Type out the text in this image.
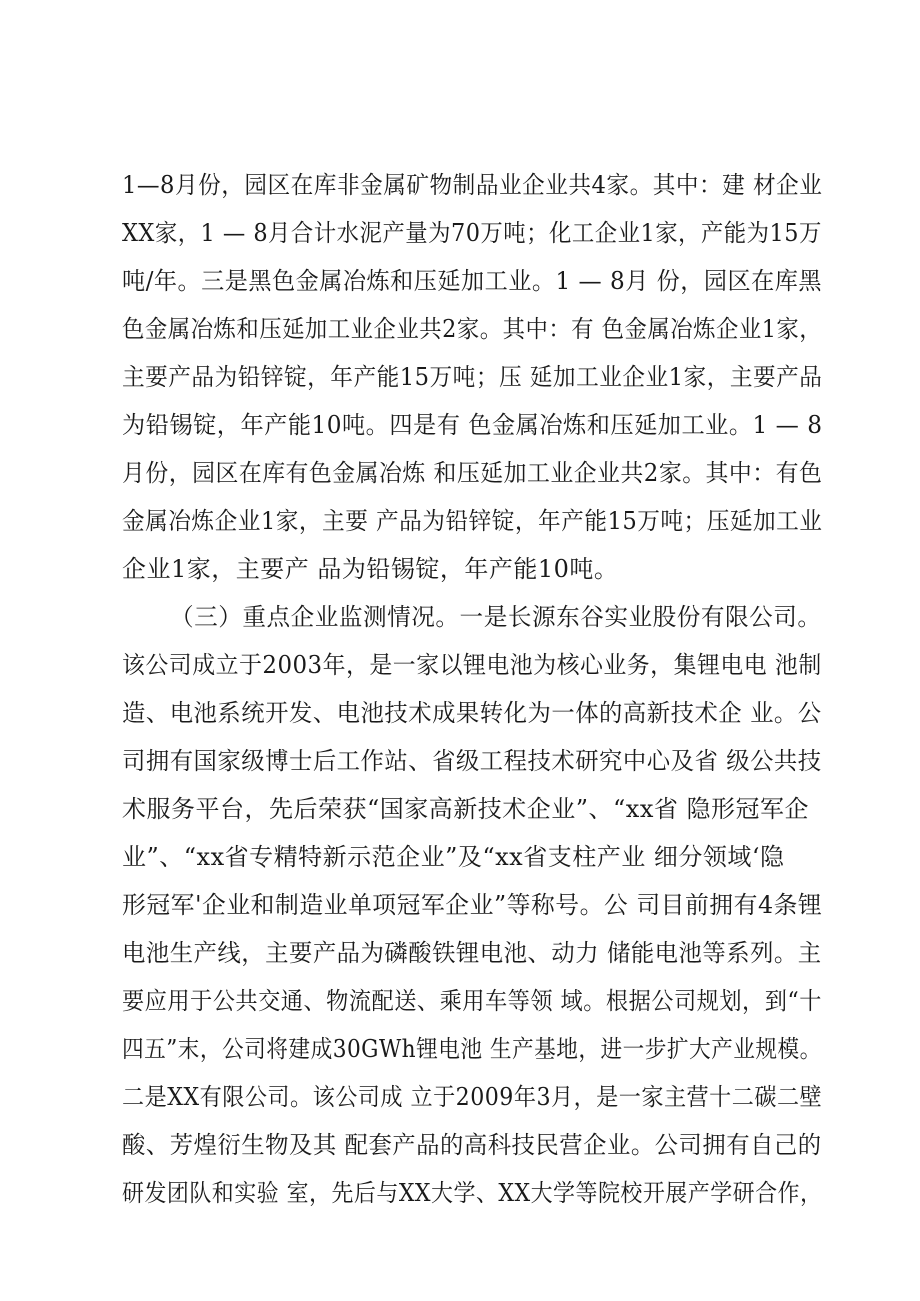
1—8月份，园区在库非金属矿物制品业企业共4家。其中：建 材企业
XX家，1 — 8月合计水泥产量为70万吨；化工企业1家，产能为15万
吨/年。三是黑色金属冶炼和压延加工业。1 — 8月 份，园区在库黑
色金属冶炼和压延加工业企业共2家。其中：有 色金属冶炼企业1家，
主要产品为铅锌锭，年产能15万吨；压 延加工业企业1家，主要产品
为铅锡锭，年产能10吨。四是有 色金属冶炼和压延加工业。1 — 8
月份，园区在库有色金属冶炼 和压延加工业企业共2家。其中：有色
金属冶炼企业1家，主要 产品为铅锌锭，年产能15万吨；压延加工业
企业1家，主要产 品为铅锡锭，年产能10吨。
（三）重点企业监测情况。一是长源东谷实业股份有限公司。
该公司成立于2003年，是一家以锂电池为核心业务，集锂电电 池制
造、电池系统开发、电池技术成果转化为一体的高新技术企 业。公
司拥有国家级博士后工作站、省级工程技术研究中心及省 级公共技
术服务平台，先后荣获“国家高新技术企业”、“xx省 隐形冠军企
业”、“xx省专精特新示范企业”及“xx省支柱产业 细分领域‘隐
形冠军'企业和制造业单项冠军企业”等称号。公 司目前拥有4条锂
电池生产线，主要产品为磷酸铁锂电池、动力 储能电池等系列。主
要应用于公共交通、物流配送、乘用车等领 域。根据公司规划，到“十
四五”末，公司将建成30GWh锂电池 生产基地，进一步扩大产业规模。
二是XX有限公司。该公司成 立于2009年3月，是一家主营十二碳二壁
酸、芳煌衍生物及其 配套产品的高科技民营企业。公司拥有自己的
研发团队和实验 室，先后与XX大学、XX大学等院校开展产学研合作，
